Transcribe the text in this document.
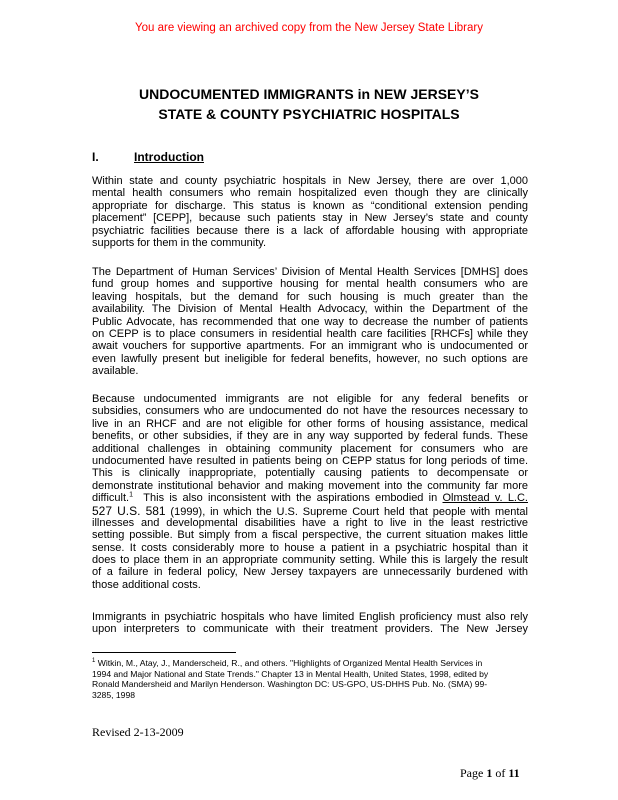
You are viewing an archived copy from the New Jersey State Library
UNDOCUMENTED IMMIGRANTS in NEW JERSEY’S
STATE & COUNTY PSYCHIATRIC HOSPITALS
I.	Introduction
Within state and county psychiatric hospitals in New Jersey, there are over 1,000
mental health consumers who remain hospitalized even though they are clinically
appropriate for discharge. This status is known as “conditional extension pending
placement” [CEPP], because such patients stay in New Jersey’s state and county
psychiatric facilities because there is a lack of affordable housing with appropriate
supports for them in the community.
The Department of Human Services’ Division of Mental Health Services [DMHS] does
fund group homes and supportive housing for mental health consumers who are
leaving hospitals, but the demand for such housing is much greater than the
availability. The Division of Mental Health Advocacy, within the Department of the
Public Advocate, has recommended that one way to decrease the number of patients
on CEPP is to place consumers in residential health care facilities [RHCFs] while they
await vouchers for supportive apartments. For an immigrant who is undocumented or
even lawfully present but ineligible for federal benefits, however, no such options are
available.
Because undocumented immigrants are not eligible for any federal benefits or
subsidies, consumers who are undocumented do not have the resources necessary to
live in an RHCF and are not eligible for other forms of housing assistance, medical
benefits, or other subsidies, if they are in any way supported by federal funds. These
additional challenges in obtaining community placement for consumers who are
undocumented have resulted in patients being on CEPP status for long periods of time.
This is clinically inappropriate, potentially causing patients to decompensate or
demonstrate institutional behavior and making movement into the community far more
difficult.$^1$  This is also inconsistent with the aspirations embodied in Olmstead v. L.C.
527 U.S. 581 (1999), in which the U.S. Supreme Court held that people with mental
illnesses and developmental disabilities have a right to live in the least restrictive
setting possible. But simply from a fiscal perspective, the current situation makes little
sense. It costs considerably more to house a patient in a psychiatric hospital than it
does to place them in an appropriate community setting. While this is largely the result
of a failure in federal policy, New Jersey taxpayers are unnecessarily burdened with
those additional costs.
Immigrants in psychiatric hospitals who have limited English proficiency must also rely
upon interpreters to communicate with their treatment providers. The New Jersey
$^1$ Witkin, M., Atay, J., Manderscheid, R., and others. "Highlights of Organized Mental Health Services in
1994 and Major National and State Trends." Chapter 13 in Mental Health, United States, 1998, edited by
Ronald Mandersheid and Marilyn Henderson. Washington DC: US-GPO, US-DHHS Pub. No. (SMA) 99-
3285, 1998
Revised 2-13-2009
Page 1 of 11
